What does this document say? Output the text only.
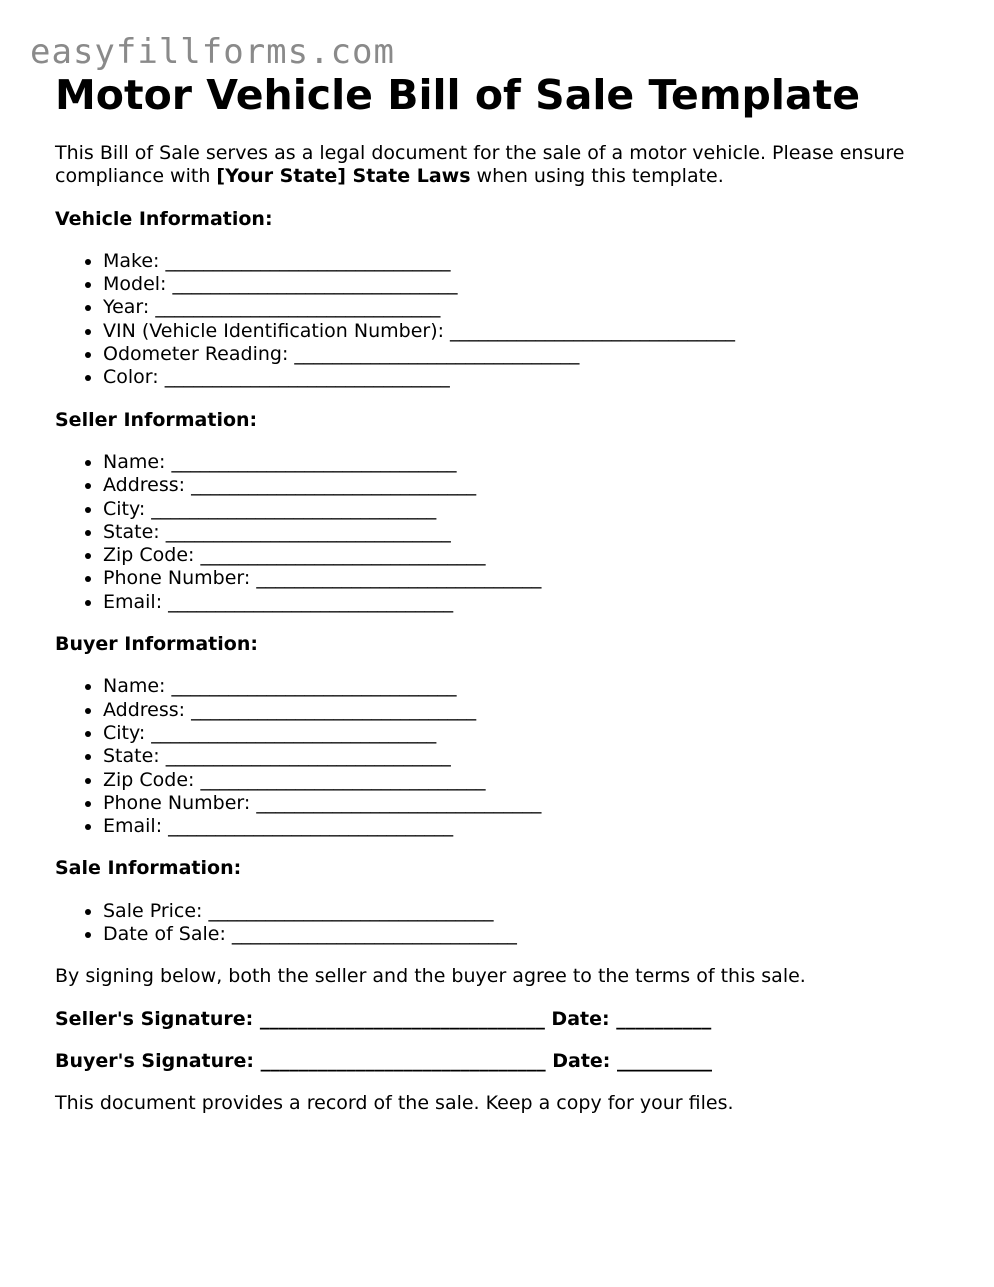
easyfillforms.com
Motor Vehicle Bill of Sale Template

This Bill of Sale serves as a legal document for the sale of a motor vehicle. Please ensure compliance with [Your State] State Laws when using this template.

Vehicle Information:

• Make: ______________________________
• Model: ______________________________
• Year: ______________________________
• VIN (Vehicle Identification Number): ______________________________
• Odometer Reading: ______________________________
• Color: ______________________________

Seller Information:

• Name: ______________________________
• Address: ______________________________
• City: ______________________________
• State: ______________________________
• Zip Code: ______________________________
• Phone Number: ______________________________
• Email: ______________________________

Buyer Information:

• Name: ______________________________
• Address: ______________________________
• City: ______________________________
• State: ______________________________
• Zip Code: ______________________________
• Phone Number: ______________________________
• Email: ______________________________

Sale Information:

• Sale Price: ______________________________
• Date of Sale: ______________________________

By signing below, both the seller and the buyer agree to the terms of this sale.

Seller's Signature: ______________________________ Date: __________

Buyer's Signature: ______________________________ Date: __________

This document provides a record of the sale. Keep a copy for your files.
